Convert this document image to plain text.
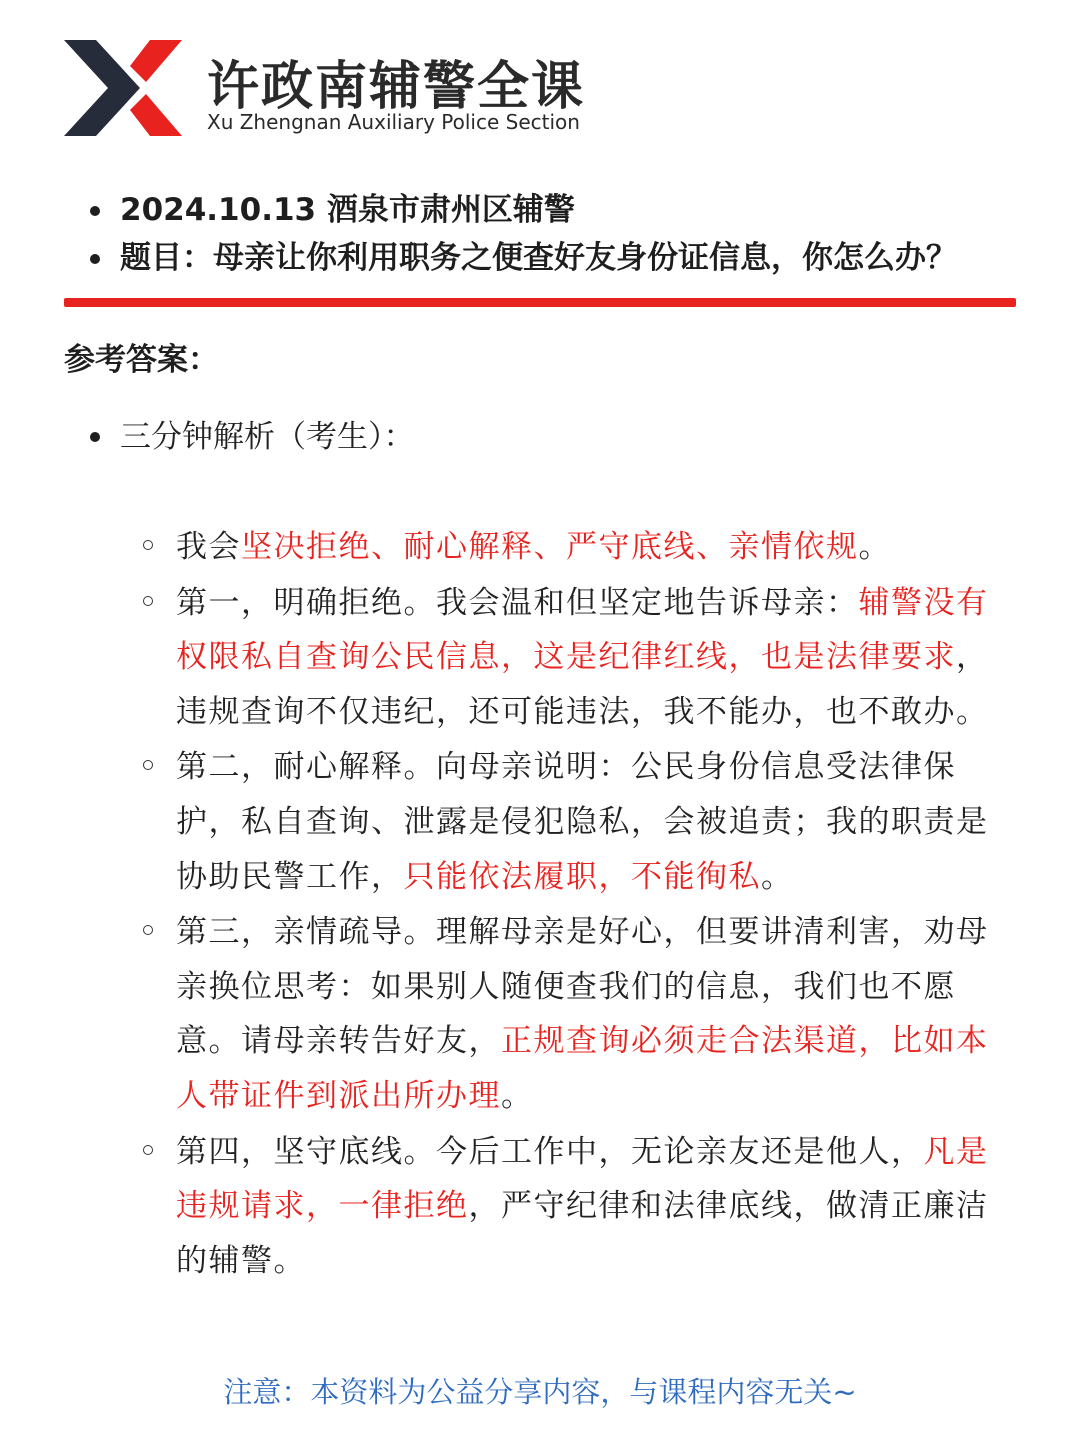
许政南辅警全课
Xu Zhengnan Auxiliary Police Section
2024.10.13 酒泉市肃州区辅警
题目：母亲让你利用职务之便查好友身份证信息，你怎么办？
参考答案：
三分钟解析（考生）：
我会坚决拒绝、耐心解释、严守底线、亲情依规。
第一，明确拒绝。我会温和但坚定地告诉母亲：辅警没有权限私自查询公民信息，这是纪律红线，也是法律要求，违规查询不仅违纪，还可能违法，我不能办，也不敢办。
第二，耐心解释。向母亲说明：公民身份信息受法律保护，私自查询、泄露是侵犯隐私，会被追责；我的职责是协助民警工作，只能依法履职，不能徇私。
第三，亲情疏导。理解母亲是好心，但要讲清利害，劝母亲换位思考：如果别人随便查我们的信息，我们也不愿意。请母亲转告好友，正规查询必须走合法渠道，比如本人带证件到派出所办理。
第四，坚守底线。今后工作中，无论亲友还是他人，凡是违规请求，一律拒绝，严守纪律和法律底线，做清正廉洁的辅警。
注意：本资料为公益分享内容，与课程内容无关~
